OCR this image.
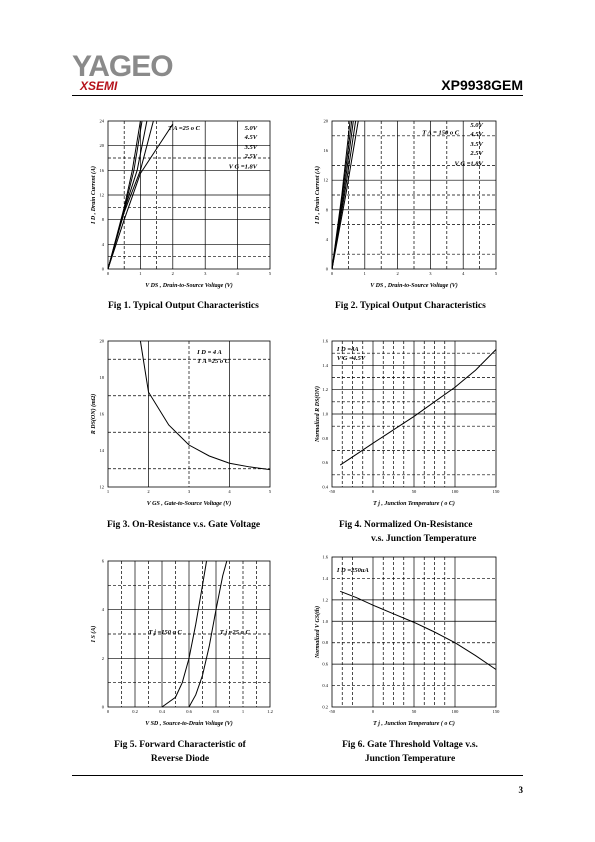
YAGEO
XSEMI	XP9938GEM
0	1	2	3	4	5
0
4
8
12
16
20
24
T A =25 o C	5.0V
4.5V
3.5V
2.5V
V G =1.8V
V DS , Drain-to-Source Voltage (V)
I D , Drain Current (A)
0	1	2	3	4	5
0
4
8
12
16
20
T A = 150 o C
5.0V
4.5V
3.5V
2.5V
V G =1.8V
V DS , Drain-to-Source Voltage (V)
I D , Drain Current (A)
1	2	3	4	5
12
14
16
18
20
I D = 4 A
T A =25 o C
V GS , Gate-to-Source Voltage (V)
R DS(ON) (mΩ)
-50	0	50	100	150
0.4
0.6
0.8
1.0
1.2
1.4
1.6
I D =4A
V G =4.5V
T j , Junction Temperature ( o C)
Normalized R DS(ON)
0	0.2	0.4	0.6	0.8	1	1.2
0
2
4
6
T j =150 o C	T j =25 o C
V SD , Source-to-Drain Voltage (V)
I S (A)
-50	0	50	100	150
0.2
0.4
0.6
0.8
1.0
1.2
1.4
1.6
I D =250uA
T j , Junction Temperature ( o C)
Normalized V GS(th)
Fig 1. Typical Output Characteristics	Fig 2. Typical Output Characteristics
Fig 3. On-Resistance v.s. Gate Voltage	Fig 4. Normalized On-Resistance
v.s. Junction Temperature
Fig 5. Forward Characteristic of
Reverse Diode
Fig 6. Gate Threshold Voltage v.s.
Junction Temperature
3
